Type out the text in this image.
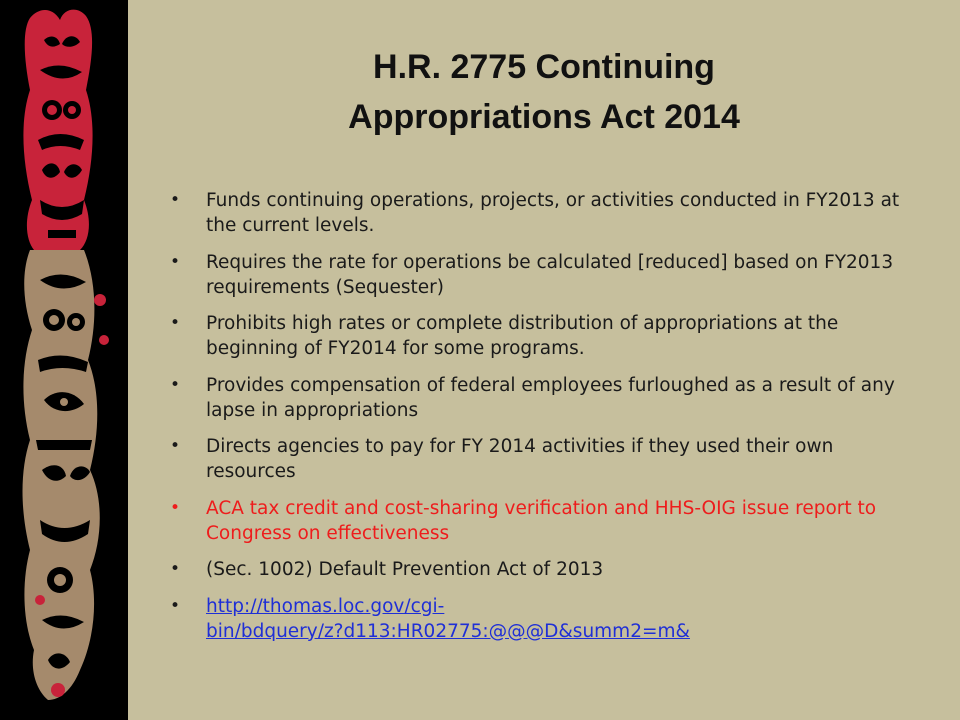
H.R. 2775 Continuing
Appropriations Act 2014
• Funds continuing operations, projects, or activities conducted in FY2013 at the current levels.
• Requires the rate for operations be calculated [reduced] based on FY2013 requirements (Sequester)
• Prohibits high rates or complete distribution of appropriations at the beginning of FY2014 for some programs.
• Provides compensation of federal employees furloughed as a result of any lapse in appropriations
• Directs agencies to pay for FY 2014 activities if they used their own resources
• ACA tax credit and cost-sharing verification and HHS-OIG issue report to Congress on effectiveness
• (Sec. 1002) Default Prevention Act of 2013
• http://thomas.loc.gov/cgi-
bin/bdquery/z?d113:HR02775:@@@D&summ2=m&
